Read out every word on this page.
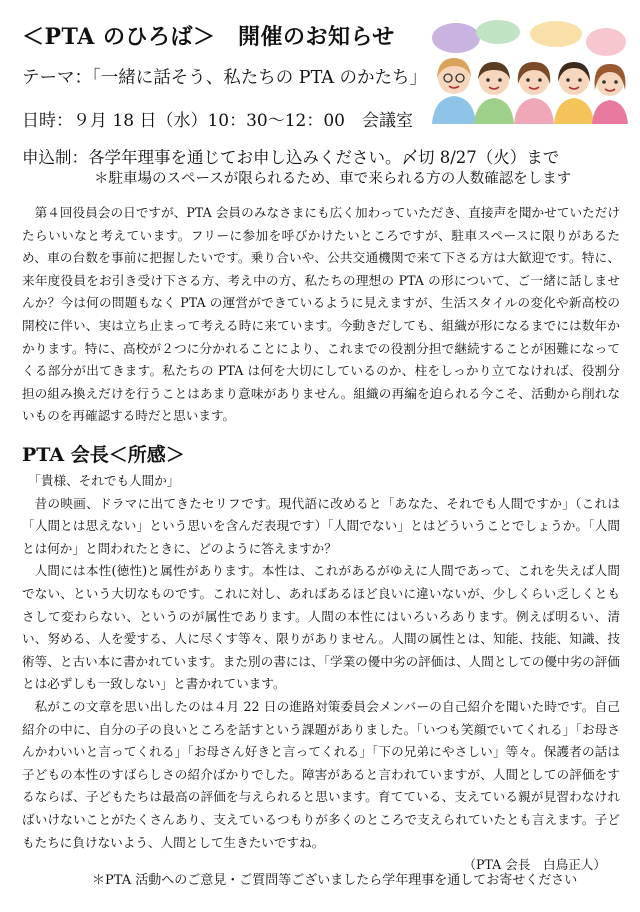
＜PTA のひろば＞　開催のお知らせ
テーマ：「一緒に話そう、私たちの PTA のかたち」
日時：９月 18 日（水）10：30～12：00　会議室
申込制：各学年理事を通じてお申し込みください。〆切 8/27（火）まで
＊駐車場のスペースが限られるため、車で来られる方の人数確認をします

第４回役員会の日ですが、PTA 会員のみなさまにも広く加わっていただき、直接声を聞かせていただけたらいいなと考えています。フリーに参加を呼びかけたいところですが、駐車スペースに限りがあるため、車の台数を事前に把握したいです。乗り合いや、公共交通機関で来て下さる方は大歓迎です。特に、来年度役員をお引き受け下さる方、考え中の方、私たちの理想の PTA の形について、ご一緒に話しませんか？今は何の問題もなく PTA の運営ができているように見えますが、生活スタイルの変化や新高校の開校に伴い、実は立ち止まって考える時に来ています。今動きだしても、組織が形になるまでには数年かかります。特に、高校が２つに分かれることにより、これまでの役割分担で継続することが困難になってくる部分が出てきます。私たちの PTA は何を大切にしているのか、柱をしっかり立てなければ、役割分担の組み換えだけを行うことはあまり意味がありません。組織の再編を迫られる今こそ、活動から削れないものを再確認する時だと思います。

PTA 会長＜所感＞

「貴様、それでも人間か」

昔の映画、ドラマに出てきたセリフです。現代語に改めると「あなた、それでも人間ですか」（これは「人間とは思えない」という思いを含んだ表現です）「人間でない」とはどういうことでしょうか。「人間とは何か」と問われたときに、どのように答えますか？

人間には本性(徳性)と属性があります。本性は、これがあるがゆえに人間であって、これを失えば人間でない、という大切なものです。これに対し、あればあるほど良いに違いないが、少しくらい乏しくともさして変わらない、というのが属性であります。人間の本性にはいろいろあります。例えば明るい、清い、努める、人を愛する、人に尽くす等々、限りがありません。人間の属性とは、知能、技能、知識、技術等、と古い本に書かれています。また別の書には、「学業の優中劣の評価は、人間としての優中劣の評価とは必ずしも一致しない」と書かれています。

私がこの文章を思い出したのは４月 22 日の進路対策委員会メンバーの自己紹介を聞いた時です。自己紹介の中に、自分の子の良いところを話すという課題がありました。「いつも笑顔でいてくれる」「お母さんかわいいと言ってくれる」「お母さん好きと言ってくれる」「下の兄弟にやさしい」等々。保護者の話は子どもの本性のすばらしさの紹介ばかりでした。障害があると言われていますが、人間としての評価をするならば、子どもたちは最高の評価を与えられると思います。育てている、支えている親が見習わなければいけないことがたくさんあり、支えているつもりが多くのところで支えられていたとも言えます。子どもたちに負けないよう、人間として生きたいですね。

（PTA 会長　白鳥正人）

＊PTA 活動へのご意見・ご質問等ございましたら学年理事を通してお寄せください
